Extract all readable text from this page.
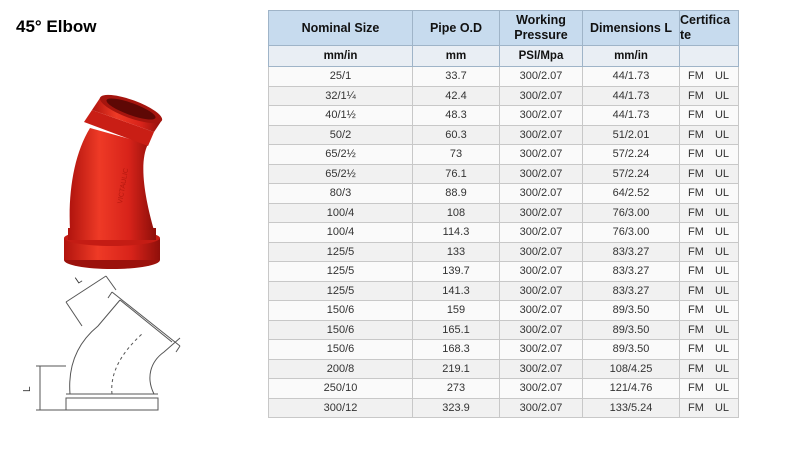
45° Elbow
VICTAULIC
L
L
Nominal Size	Pipe O.D	Working Pressure	Dimensions L	Certifica te
mm/in	mm	PSI/Mpa	mm/in	
25/1	33.7	300/2.07	44/1.73	FM UL
32/1¼	42.4	300/2.07	44/1.73	FM UL
40/1½	48.3	300/2.07	44/1.73	FM UL
50/2	60.3	300/2.07	51/2.01	FM UL
65/2½	73	300/2.07	57/2.24	FM UL
65/2½	76.1	300/2.07	57/2.24	FM UL
80/3	88.9	300/2.07	64/2.52	FM UL
100/4	108	300/2.07	76/3.00	FM UL
100/4	114.3	300/2.07	76/3.00	FM UL
125/5	133	300/2.07	83/3.27	FM UL
125/5	139.7	300/2.07	83/3.27	FM UL
125/5	141.3	300/2.07	83/3.27	FM UL
150/6	159	300/2.07	89/3.50	FM UL
150/6	165.1	300/2.07	89/3.50	FM UL
150/6	168.3	300/2.07	89/3.50	FM UL
200/8	219.1	300/2.07	108/4.25	FM UL
250/10	273	300/2.07	121/4.76	FM UL
300/12	323.9	300/2.07	133/5.24	FM UL
